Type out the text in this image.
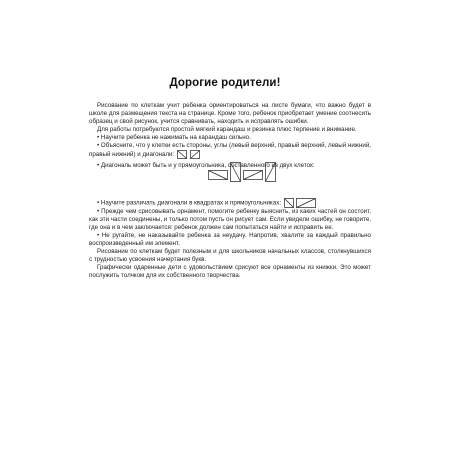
Дорогие родители!

Рисование по клеткам учит ребенка ориентироваться на листе бумаги, что важно будет в школе для размещения текста на странице. Кроме того, ребенок приобретает умение соотнесить образец и свой рисунок, учится сравнивать, находить и исправлять ошибки.

Для работы потребуются простой мягкий карандаш и резинка плюс терпение и внимание.

• Научите ребенка не нажимать на карандаш сильно.

• Объясните, что у клетки есть стороны, углы (левый верхний, правый верхний, левый нижний, правый нижний) и диагонали:

• Диагональ может быть и у прямоугольника, составленного из двух клеток:

• Научите различать диагонали в квадратах и прямоугольниках:

• Прежде чем срисовывать орнамент, помогите ребенку выяснить, из каких частей он состоит, как эти части соединены, и только потом пусть он рисует сам. Если увидели ошибку, не говорите, где она и в чем заключается: ребенок должен сам попытаться найти и исправить ее.

• Не ругайте, не наказывайте ребенка за неудачу. Напротив, хвалите за каждый правильно воспроизведенный им элемент.

Рисование по клеткам будет полезным и для школьников начальных классов, столкнувшихся с трудностью усвоения начертания букв.

Графически одаренные дети с удовольствием срисуют все орнаменты из книжки. Это может послужить толчком для их собственного творчества.
